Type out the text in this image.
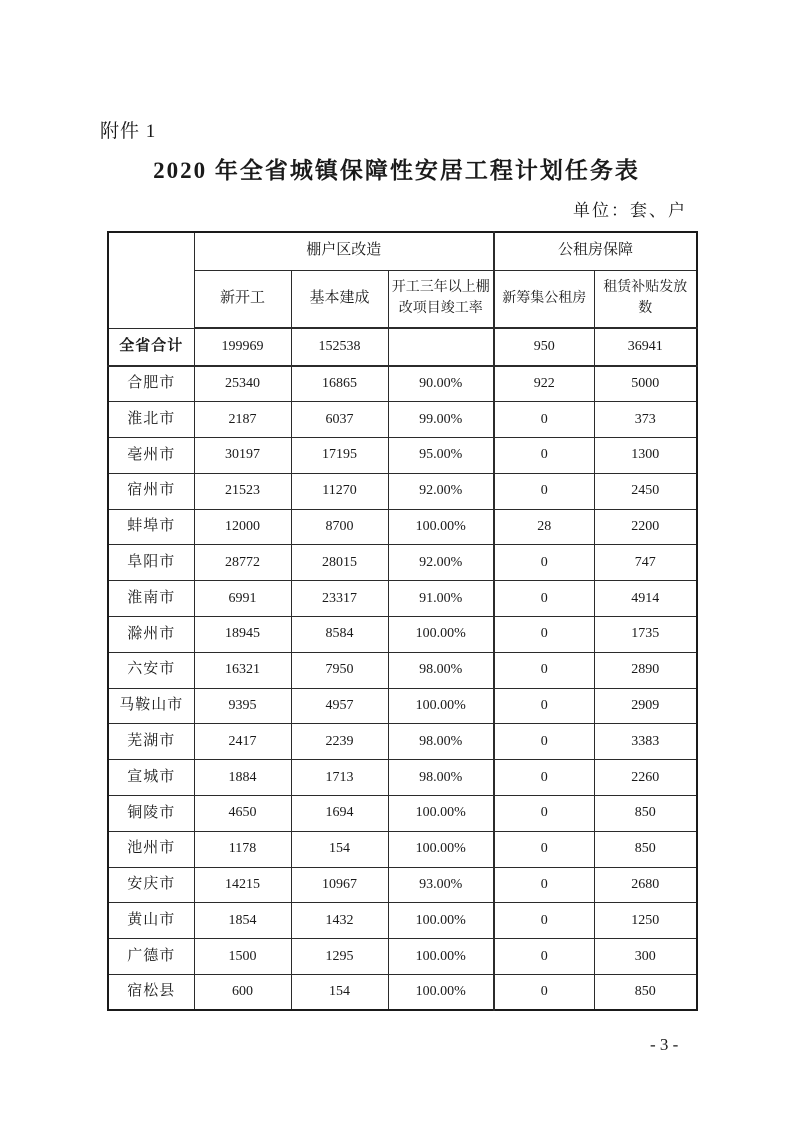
附件 1
2020 年全省城镇保障性安居工程计划任务表
单位：套、户
	棚户区改造			公租房保障	
	新开工	基本建成	开工三年以上棚改项目竣工率	新筹集公租房	租赁补贴发放数
全省合计	199969	152538		950	36941
合肥市	25340	16865	90.00%	922	5000
淮北市	2187	6037	99.00%	0	373
亳州市	30197	17195	95.00%	0	1300
宿州市	21523	11270	92.00%	0	2450
蚌埠市	12000	8700	100.00%	28	2200
阜阳市	28772	28015	92.00%	0	747
淮南市	6991	23317	91.00%	0	4914
滁州市	18945	8584	100.00%	0	1735
六安市	16321	7950	98.00%	0	2890
马鞍山市	9395	4957	100.00%	0	2909
芜湖市	2417	2239	98.00%	0	3383
宣城市	1884	1713	98.00%	0	2260
铜陵市	4650	1694	100.00%	0	850
池州市	1178	154	100.00%	0	850
安庆市	14215	10967	93.00%	0	2680
黄山市	1854	1432	100.00%	0	1250
广德市	1500	1295	100.00%	0	300
宿松县	600	154	100.00%	0	850
- 3 -
